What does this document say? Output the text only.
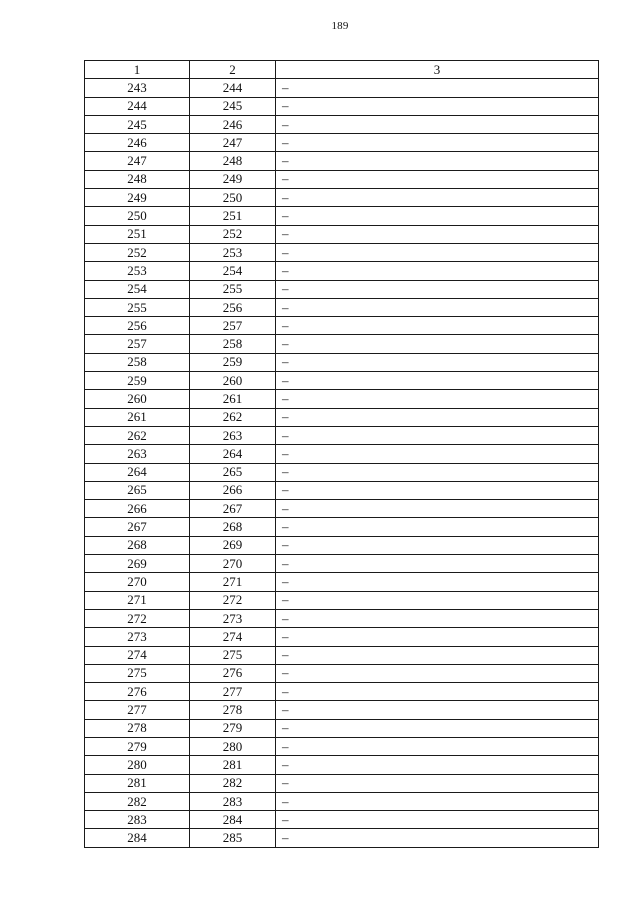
189
1	2	3
243	244	–
244	245	–
245	246	–
246	247	–
247	248	–
248	249	–
249	250	–
250	251	–
251	252	–
252	253	–
253	254	–
254	255	–
255	256	–
256	257	–
257	258	–
258	259	–
259	260	–
260	261	–
261	262	–
262	263	–
263	264	–
264	265	–
265	266	–
266	267	–
267	268	–
268	269	–
269	270	–
270	271	–
271	272	–
272	273	–
273	274	–
274	275	–
275	276	–
276	277	–
277	278	–
278	279	–
279	280	–
280	281	–
281	282	–
282	283	–
283	284	–
284	285	–
